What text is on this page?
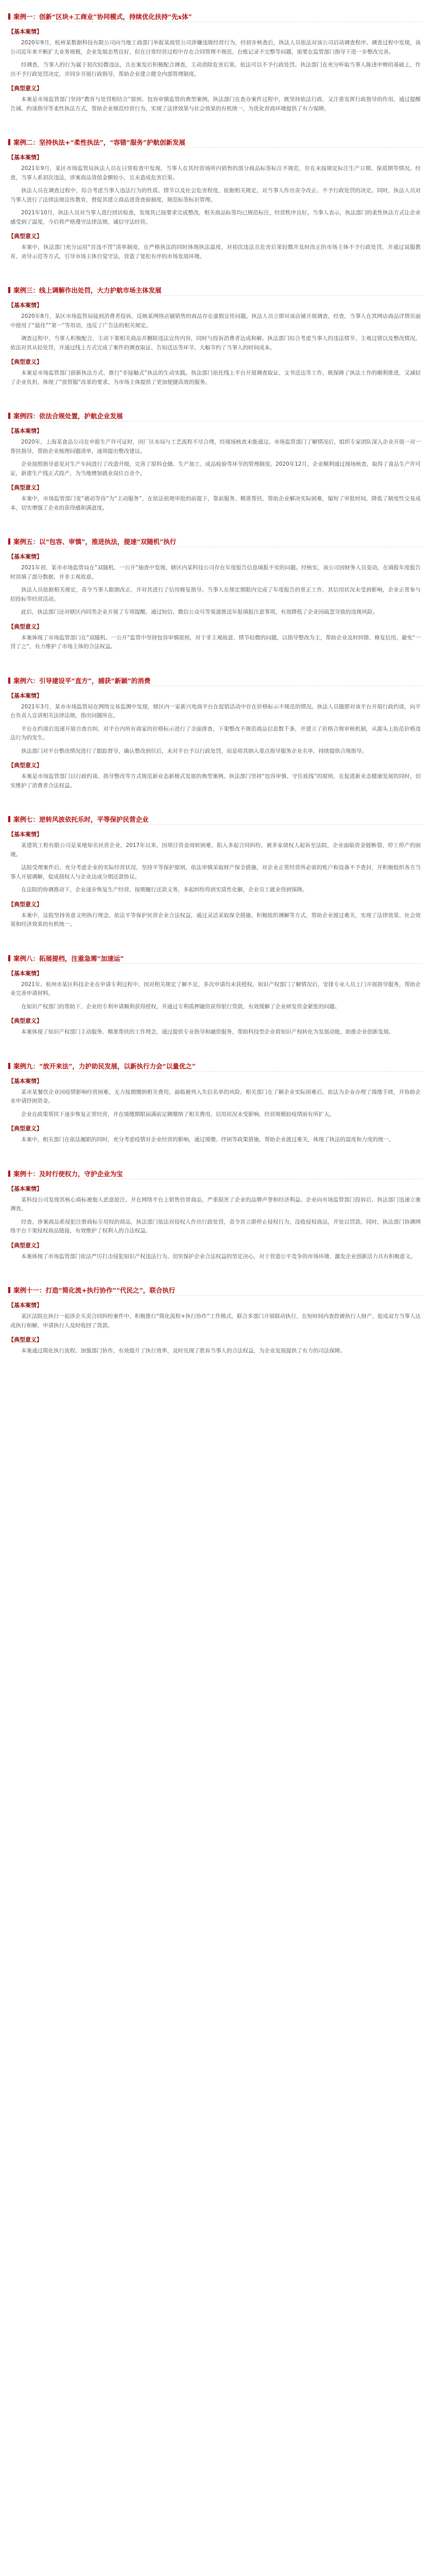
案例一：创新“区块+工商业”协同模式，持续优化扶持“先x体”
【基本案情】

2020年9月，杭州某数据科技有限公司向当地工商部门举报某商贸公司涉嫌违规经营行为，经初步核查后，执法人员依法对该公司启动调查程序。调查过程中发现，该公司近年来不断扩大业务规模，企业发展态势良好，但在日常经营过程中存在合同管理不规范、台账记录不完整等问题，需要在监管部门指导下进一步整改完善。

经调查，当事人的行为属于初次轻微违法，且在案发后积极配合调查，主动消除危害后果，依法可以不予行政处罚。执法部门在充分听取当事人陈述申辩的基础上，作出不予行政处罚决定，并同步开展行政指导，帮助企业建立健全内部管理制度。

【典型意义】

本案是市场监管部门坚持“教育与处罚相结合”原则、包容审慎监管的典型案例。执法部门在查办案件过程中，既坚持依法行政，又注重发挥行政指导的作用，通过提醒告诫、约谈指导等柔性执法方式，帮助企业规范经营行为，实现了法律效果与社会效果的有机统一，为优化营商环境提供了有力保障。

案例二：坚持执法+“柔性执法”，“容错”服务”护航创新发展
【基本案情】

2021年9月，某区市场监管局执法人员在日常检查中发现，当事人在其经营场所内销售的部分商品标签标注不规范，存在未按规定标注生产日期、保质期等情况。经查，当事人系初次违法，涉案商品货值金额较小，且未造成危害后果。

执法人员在调查过程中，综合考虑当事人违法行为的性质、情节以及社会危害程度，依据相关规定，对当事人作出责令改正、不予行政处罚的决定。同时，执法人员对当事人进行了法律法规宣传教育，督促其建立商品进货查验制度，规范标签标识管理。

2021年10月，执法人员对当事人进行回访检查，发现其已按要求完成整改，相关商品标签均已规范标注，经营秩序良好。当事人表示，执法部门的柔性执法方式让企业感受到了温度，今后将严格遵守法律法规，诚信守法经营。

【典型意义】

本案中，执法部门充分运用“首违不罚”清单制度，在严格执法的同时体现执法温度，对初次违法且危害后果轻微并及时改正的市场主体不予行政处罚，并通过说服教育、劝导示范等方式，引导市场主体自觉守法，营造了宽松有序的市场发展环境。

案例三：线上调解作出处罚，大力护航市场主体发展
【基本案情】

2020年8月，某区市场监管局接到消费者投诉，反映某网络店铺销售的商品存在虚假宣传问题。执法人员立即对该店铺开展调查，经查，当事人在其网店商品详情页面中使用了“最佳”“第一”等用语，违反了广告法的相关规定。

调查过程中，当事人积极配合，主动下架相关商品并删除违法宣传内容，同时与投诉消费者达成和解。执法部门综合考虑当事人的违法情节、主观过错以及整改情况，依法对其从轻处罚，并通过线上方式完成了案件的调查取证、告知送达等环节，大幅节约了当事人的时间成本。

【典型意义】

本案是市场监管部门创新执法方式、推行“非接触式”执法的生动实践。执法部门依托线上平台开展调查取证、文书送达等工作，既保障了执法工作的顺利推进，又减轻了企业负担，体现了“放管服”改革的要求，为市场主体提供了更加便捷高效的服务。

案例四：依法合规处置，护航企业发展
【基本案情】

2020年，上海某食品公司在申报生产许可证时，因厂区布局与工艺流程不尽合理，经现场核查未能通过。市场监管部门了解情况后，组织专家团队深入企业开展一对一帮扶指导，帮助企业梳理问题清单，逐项提出整改建议。

企业按照指导意见对生产车间进行了改造升级，完善了原料仓储、生产加工、成品检验等环节的管理制度。2020年12月，企业顺利通过现场核查，取得了食品生产许可证，新建生产线正式投产，为当地增加就业岗位百余个。

【典型意义】

本案中，市场监管部门变“被动等待”为“主动服务”，在依法依规审批的前提下，靠前服务、精准帮扶，帮助企业解决实际困难，缩短了审批时间，降低了制度性交易成本，切实增强了企业的获得感和满意度。

案例五：以“包容、审慎”，推进执法，提速“双随机”执行
【基本案情】

2021年初，某市市场监管局在“双随机、一公开”抽查中发现，辖区内某科技公司存在年度报告信息填报不实的问题。经核实，该公司因财务人员变动，在填报年度报告时误填了部分数据，并非主观故意。

执法人员依据相关规定，责令当事人限期改正，并对其进行了信用修复指导。当事人在规定期限内完成了年度报告的更正工作，其信用状况未受到影响，企业正常参与招投标等经营活动。

此后，执法部门还对辖区内同类企业开展了专项提醒，通过短信、微信公众号等渠道推送年报填报注意事项，有效降低了企业因疏忽导致的违规风险。

【典型意义】

本案体现了市场监管部门在“双随机、一公开”监管中坚持包容审慎原则，对于非主观故意、情节轻微的问题，以指导整改为主，帮助企业及时纠错、修复信用，避免“一罚了之”，有力维护了市场主体的合法权益。

案例六：引导建设平“直方”，捕获“新颖”的消费
【基本案情】

2021年3月，某市市场监管局在网络交易监测中发现，辖区内一家新兴电商平台在促销活动中存在价格标示不规范的情况。执法人员随即对该平台开展行政约谈，向平台负责人宣讲相关法律法规，指出问题所在。

平台在约谈后迅速开展自查自纠，对平台内所有商家的价格标示进行了全面排查，下架整改不规范商品信息数千条，并建立了价格合规审核机制，从源头上防范价格违法行为的发生。

执法部门对平台整改情况进行了跟踪督导，确认整改到位后，未对平台予以行政处罚，而是将其纳入重点指导服务企业名单，持续提供合规指导。

【典型意义】

本案是市场监管部门以行政约谈、指导整改等方式规范新业态新模式发展的典型案例。执法部门坚持“包容审慎、守住底线”的原则，在促进新业态健康发展的同时，切实维护了消费者合法权益。

案例七：逆转风波依托乐时，平等保护民营企业
【基本案情】

某建筑工程有限公司是某地知名民营企业，2017年以来，因项目资金周转困难，陷入多起合同纠纷，被多家债权人起诉至法院，企业面临资金链断裂、停工停产的困境。

法院受理案件后，充分考虑企业的实际经营状况，坚持平等保护原则，依法审慎采取财产保全措施，对企业正常经营所必需的账户和设备不予查封，并积极组织各方当事人开展调解，促成债权人与企业达成分期还款协议。

在法院的协调推动下，企业逐步恢复生产经营，按期履行还款义务，多起纠纷得到实质性化解，企业员工就业得到保障。

【典型意义】

本案中，法院坚持善意文明执行理念，依法平等保护民营企业合法权益，通过灵活采取保全措施、积极组织调解等方式，帮助企业渡过难关，实现了法律效果、社会效果和经济效果的有机统一。

案例八：拓展提档，注重急需“加速运”
【基本案情】

2021年，杭州市某区科技企业在申请专利过程中，因对相关规定了解不足，多次申请均未获授权。知识产权部门了解情况后，安排专业人员上门开展指导服务，帮助企业完善申请材料。

在知识产权部门的帮助下，企业的专利申请顺利获得授权，并通过专利质押融资获得银行贷款，有效缓解了企业研发资金紧张的问题。

【典型意义】

本案体现了知识产权部门主动服务、精准帮扶的工作理念，通过提供专业指导和融资服务，帮助科技型企业将知识产权转化为发展动能，助推企业创新发展。

案例九：“放开来法”，力护助民发展，以新执行力会“以量优之”
【基本案情】

某市某餐饮企业因疫情影响经营困难，无力按期缴纳相关费用，面临被列入失信名单的风险。相关部门在了解企业实际困难后，依法为企业办理了缓缴手续，并协助企业申请纾困资金。

企业在政策帮扶下逐步恢复正常经营，并在缓缴期限届满前足额缴纳了相关费用，信用状况未受影响，经营规模较疫情前有所扩大。

【典型意义】

本案中，相关部门在依法履职的同时，充分考虑疫情对企业经营的影响，通过缓缴、纾困等政策措施，帮助企业渡过难关，体现了执法的温度和力度的统一。

案例十：及时行使权力，守护企业为宝
【基本案情】

某科技公司发现其核心商标被他人恶意抢注，并在网络平台上销售仿冒商品，严重损害了企业的品牌声誉和经济利益。企业向市场监管部门投诉后，执法部门迅速立案调查。

经查，涉案商品系侵犯注册商标专用权的商品，执法部门依法对侵权人作出行政处罚，责令其立即停止侵权行为，没收侵权商品，并处以罚款。同时，执法部门协调网络平台下架侵权商品链接，有效维护了权利人的合法权益。

【典型意义】

本案体现了市场监管部门依法严厉打击侵犯知识产权违法行为、切实保护企业合法权益的坚定决心，对于营造公平竞争的市场环境、激发企业创新活力具有积极意义。

案例十一：打造“简化流+执行协作”“代民之”，联合执行
【基本案情】

某区法院在执行一起涉企买卖合同纠纷案件中，积极推行“简化流程+执行协作”工作模式，联合多部门开展联动执行，在短时间内查控被执行人财产，促成双方当事人达成执行和解，申请执行人及时收回了货款。

【典型意义】

本案通过简化执行流程、加强部门协作，有效提升了执行效率，及时兑现了胜诉当事人的合法权益，为企业发展提供了有力的司法保障。
